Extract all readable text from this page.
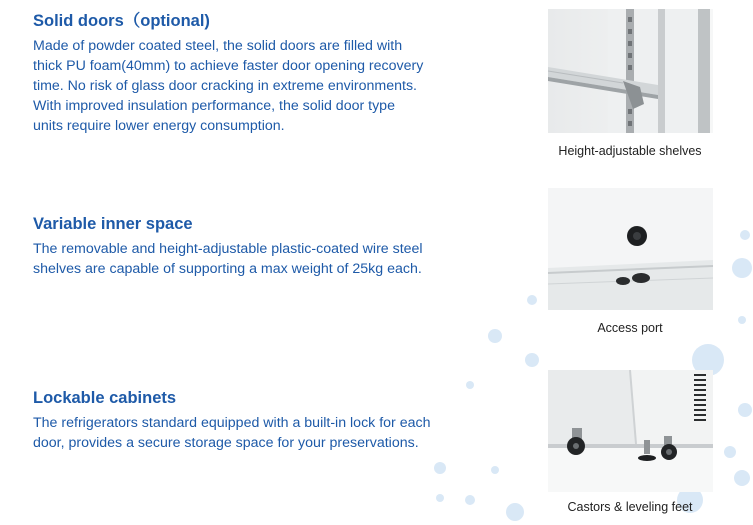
Solid doors（optional)

Made of powder coated steel, the solid doors are filled with
thick PU foam(40mm) to achieve faster door opening recovery
time. No risk of glass door cracking in extreme environments.
With improved insulation performance, the solid door type
units require lower energy consumption.

Variable inner space

The removable and height-adjustable plastic-coated wire steel
shelves are capable of supporting a max weight of 25kg each.

Lockable cabinets

The refrigerators standard equipped with a built-in lock for each
door, provides a secure storage space for your preservations.

Height-adjustable shelves
Access port
Castors & leveling feet
